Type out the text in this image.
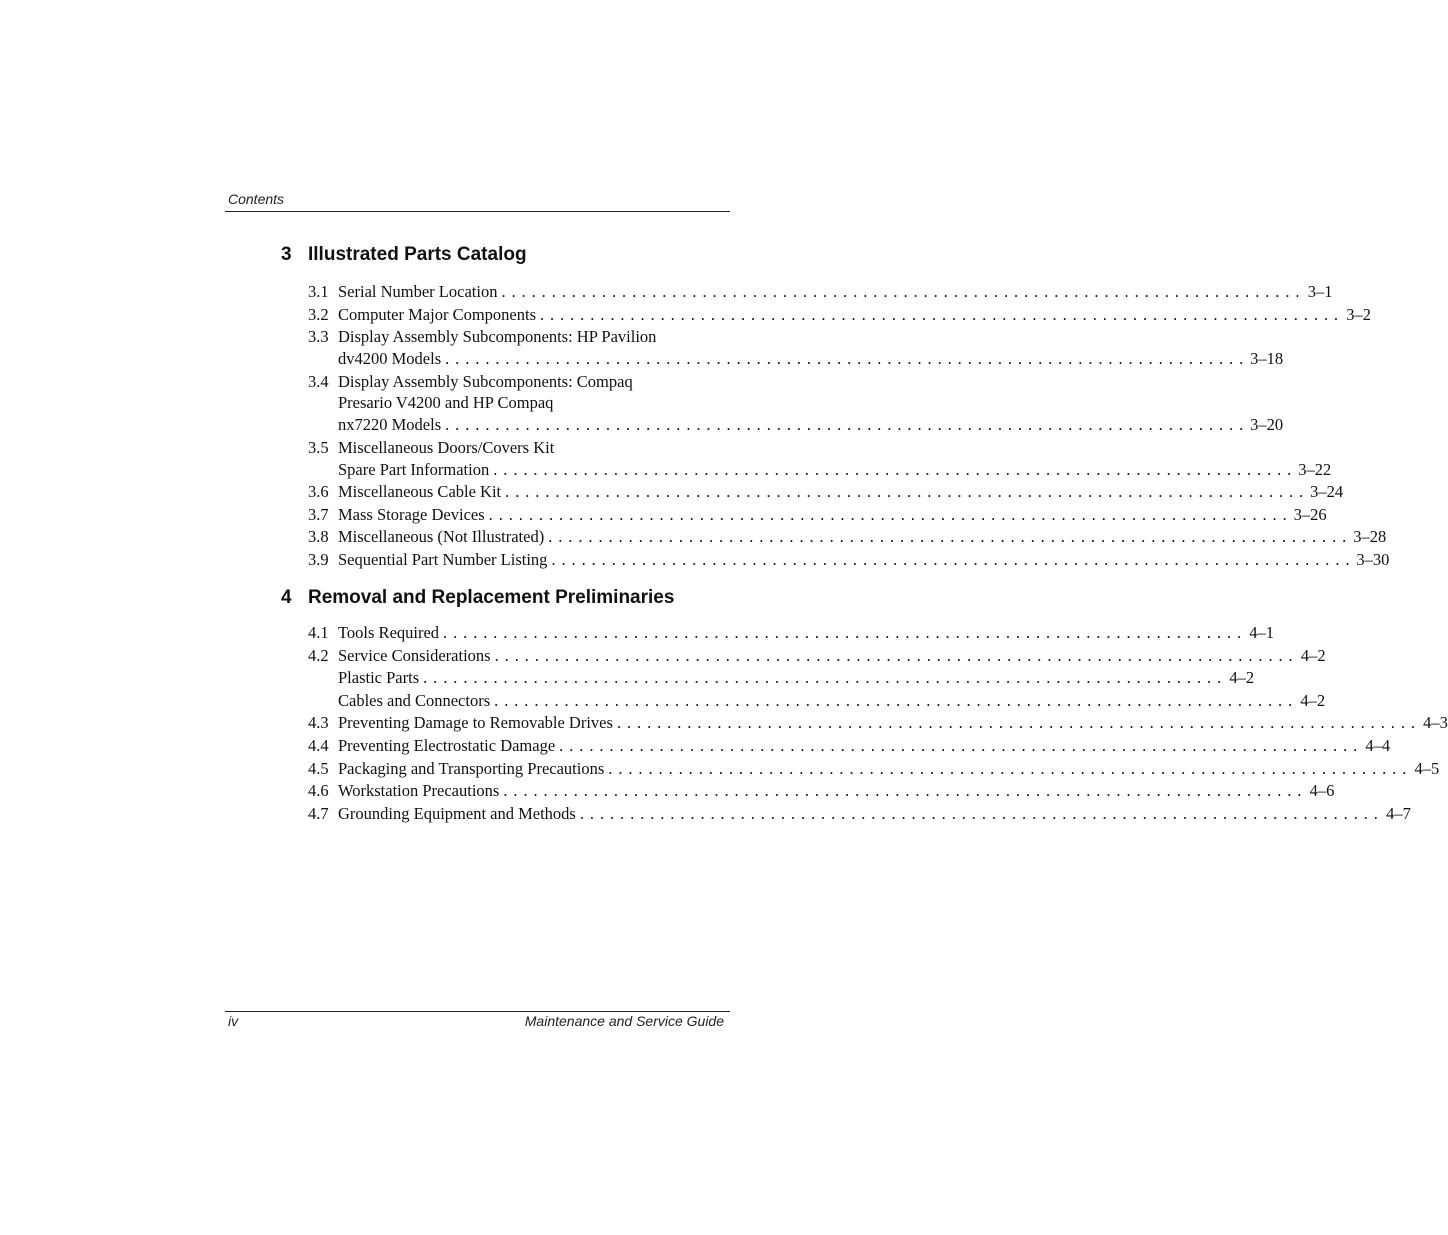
Contents
3 Illustrated Parts Catalog
3.1 Serial Number Location . . . . . . . . . . . . . . . . . . . . . . . . . . . . . . . . . . . . . . . . . . . . . . . . . . . . . . . . . . . . . . . . . . . . . . . . . . . . . . . . 3–1
3.2 Computer Major Components . . . . . . . . . . . . . . . . . . . . . . . . . . . . . . . . . . . . . . . . . . . . . . . . . . . . . . . . . . . . . . . . . . . . . . . . . . . . . . . . 3–2
3.3 Display Assembly Subcomponents: HP Pavilion
dv4200 Models . . . . . . . . . . . . . . . . . . . . . . . . . . . . . . . . . . . . . . . . . . . . . . . . . . . . . . . . . . . . . . . . . . . . . . . . . . . . . . . . 3–18
3.4 Display Assembly Subcomponents: Compaq
Presario V4200 and HP Compaq
nx7220 Models . . . . . . . . . . . . . . . . . . . . . . . . . . . . . . . . . . . . . . . . . . . . . . . . . . . . . . . . . . . . . . . . . . . . . . . . . . . . . . . . 3–20
3.5 Miscellaneous Doors/Covers Kit
Spare Part Information . . . . . . . . . . . . . . . . . . . . . . . . . . . . . . . . . . . . . . . . . . . . . . . . . . . . . . . . . . . . . . . . . . . . . . . . . . . . . . . . 3–22
3.6 Miscellaneous Cable Kit . . . . . . . . . . . . . . . . . . . . . . . . . . . . . . . . . . . . . . . . . . . . . . . . . . . . . . . . . . . . . . . . . . . . . . . . . . . . . . . . 3–24
3.7 Mass Storage Devices . . . . . . . . . . . . . . . . . . . . . . . . . . . . . . . . . . . . . . . . . . . . . . . . . . . . . . . . . . . . . . . . . . . . . . . . . . . . . . . . 3–26
3.8 Miscellaneous (Not Illustrated) . . . . . . . . . . . . . . . . . . . . . . . . . . . . . . . . . . . . . . . . . . . . . . . . . . . . . . . . . . . . . . . . . . . . . . . . . . . . . . . . 3–28
3.9 Sequential Part Number Listing . . . . . . . . . . . . . . . . . . . . . . . . . . . . . . . . . . . . . . . . . . . . . . . . . . . . . . . . . . . . . . . . . . . . . . . . . . . . . . . . 3–30
4 Removal and Replacement Preliminaries
4.1 Tools Required . . . . . . . . . . . . . . . . . . . . . . . . . . . . . . . . . . . . . . . . . . . . . . . . . . . . . . . . . . . . . . . . . . . . . . . . . . . . . . . . 4–1
4.2 Service Considerations . . . . . . . . . . . . . . . . . . . . . . . . . . . . . . . . . . . . . . . . . . . . . . . . . . . . . . . . . . . . . . . . . . . . . . . . . . . . . . . . 4–2
Plastic Parts . . . . . . . . . . . . . . . . . . . . . . . . . . . . . . . . . . . . . . . . . . . . . . . . . . . . . . . . . . . . . . . . . . . . . . . . . . . . . . . . 4–2
Cables and Connectors . . . . . . . . . . . . . . . . . . . . . . . . . . . . . . . . . . . . . . . . . . . . . . . . . . . . . . . . . . . . . . . . . . . . . . . . . . . . . . . . 4–2
4.3 Preventing Damage to Removable Drives . . . . . . . . . . . . . . . . . . . . . . . . . . . . . . . . . . . . . . . . . . . . . . . . . . . . . . . . . . . . . . . . . . . . . . . . . . . . . . . . 4–3
4.4 Preventing Electrostatic Damage . . . . . . . . . . . . . . . . . . . . . . . . . . . . . . . . . . . . . . . . . . . . . . . . . . . . . . . . . . . . . . . . . . . . . . . . . . . . . . . . 4–4
4.5 Packaging and Transporting Precautions . . . . . . . . . . . . . . . . . . . . . . . . . . . . . . . . . . . . . . . . . . . . . . . . . . . . . . . . . . . . . . . . . . . . . . . . . . . . . . . . 4–5
4.6 Workstation Precautions . . . . . . . . . . . . . . . . . . . . . . . . . . . . . . . . . . . . . . . . . . . . . . . . . . . . . . . . . . . . . . . . . . . . . . . . . . . . . . . . 4–6
4.7 Grounding Equipment and Methods . . . . . . . . . . . . . . . . . . . . . . . . . . . . . . . . . . . . . . . . . . . . . . . . . . . . . . . . . . . . . . . . . . . . . . . . . . . . . . . . 4–7
iv	Maintenance and Service Guide
